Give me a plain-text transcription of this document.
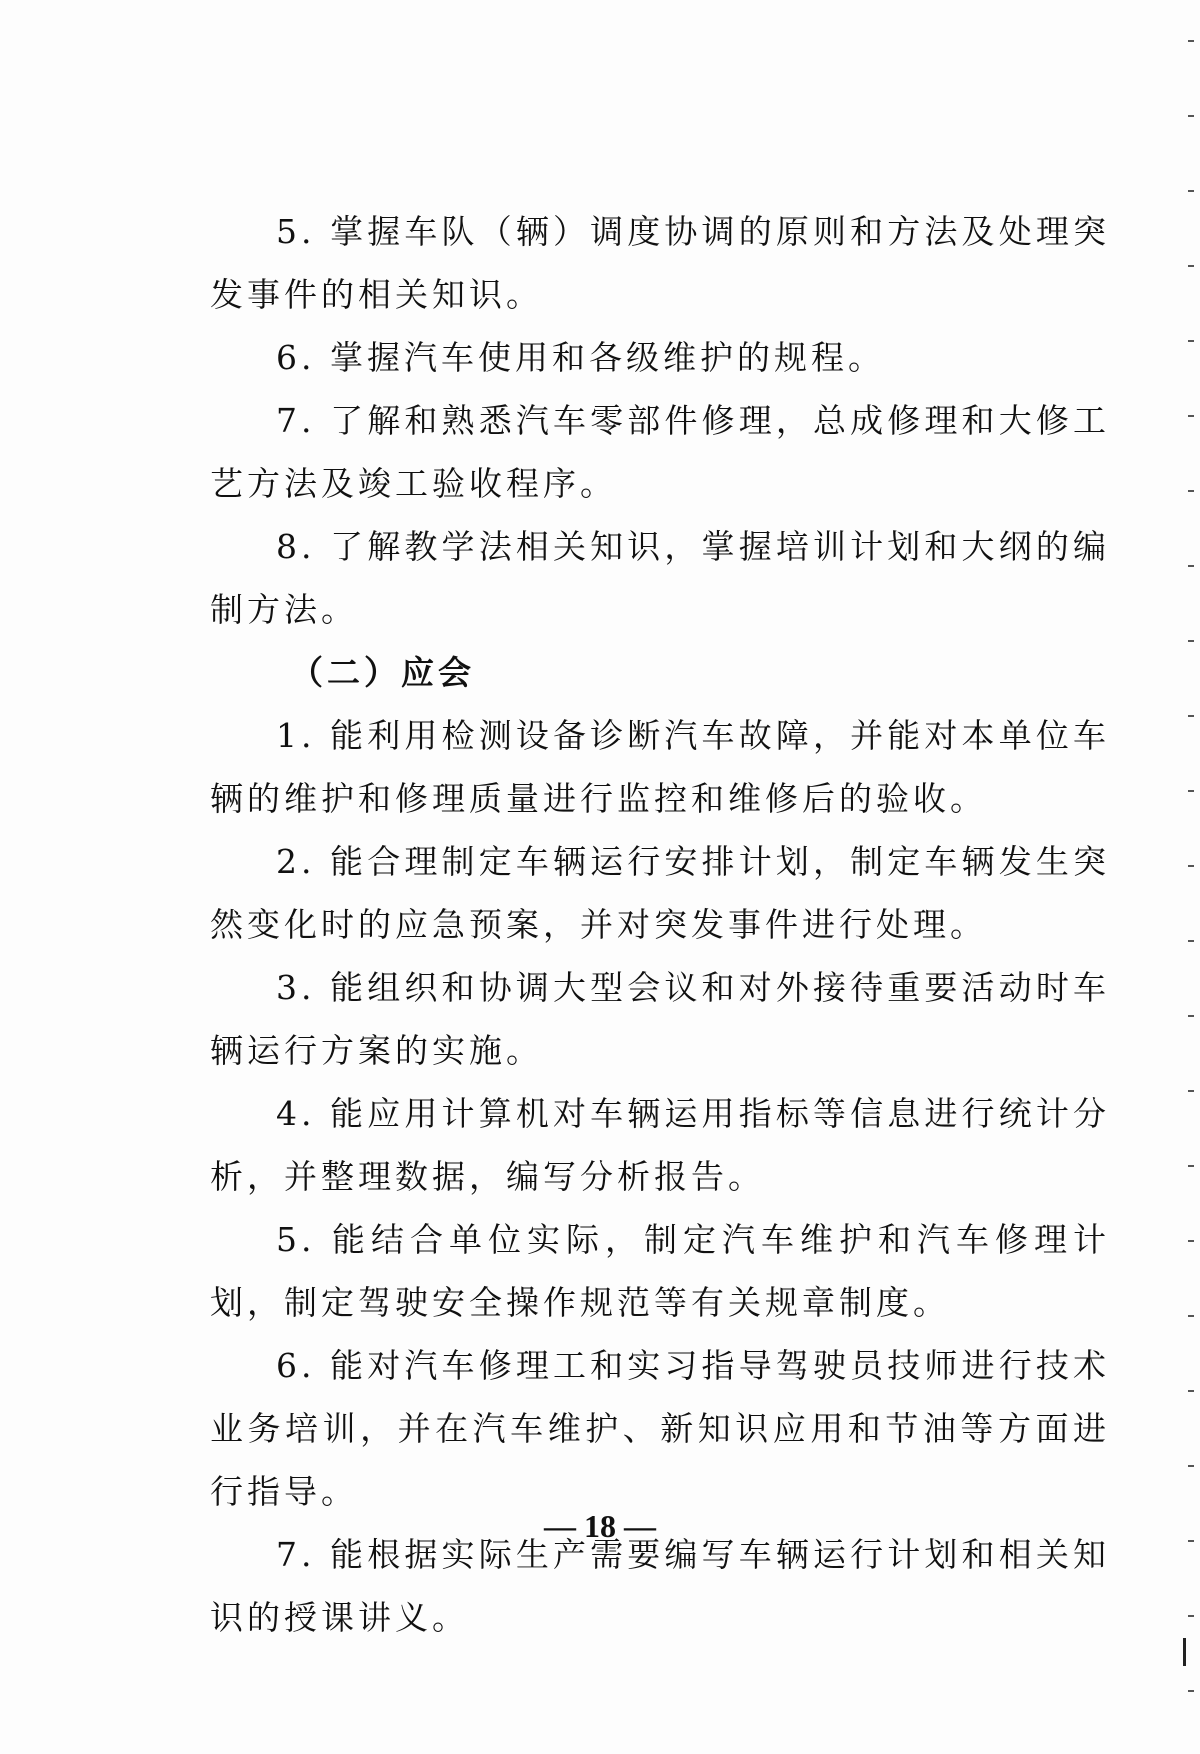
5. 掌握车队（辆）调度协调的原则和方法及处理突发事件的相关知识。

6. 掌握汽车使用和各级维护的规程。

7. 了解和熟悉汽车零部件修理，总成修理和大修工艺方法及竣工验收程序。

8. 了解教学法相关知识，掌握培训计划和大纲的编制方法。

（二）应会

1. 能利用检测设备诊断汽车故障，并能对本单位车辆的维护和修理质量进行监控和维修后的验收。

2. 能合理制定车辆运行安排计划，制定车辆发生突然变化时的应急预案，并对突发事件进行处理。

3. 能组织和协调大型会议和对外接待重要活动时车辆运行方案的实施。

4. 能应用计算机对车辆运用指标等信息进行统计分析，并整理数据，编写分析报告。

5. 能结合单位实际，制定汽车维护和汽车修理计划，制定驾驶安全操作规范等有关规章制度。

6. 能对汽车修理工和实习指导驾驶员技师进行技术业务培训，并在汽车维护、新知识应用和节油等方面进行指导。

7. 能根据实际生产需要编写车辆运行计划和相关知识的授课讲义。

— 18 —
